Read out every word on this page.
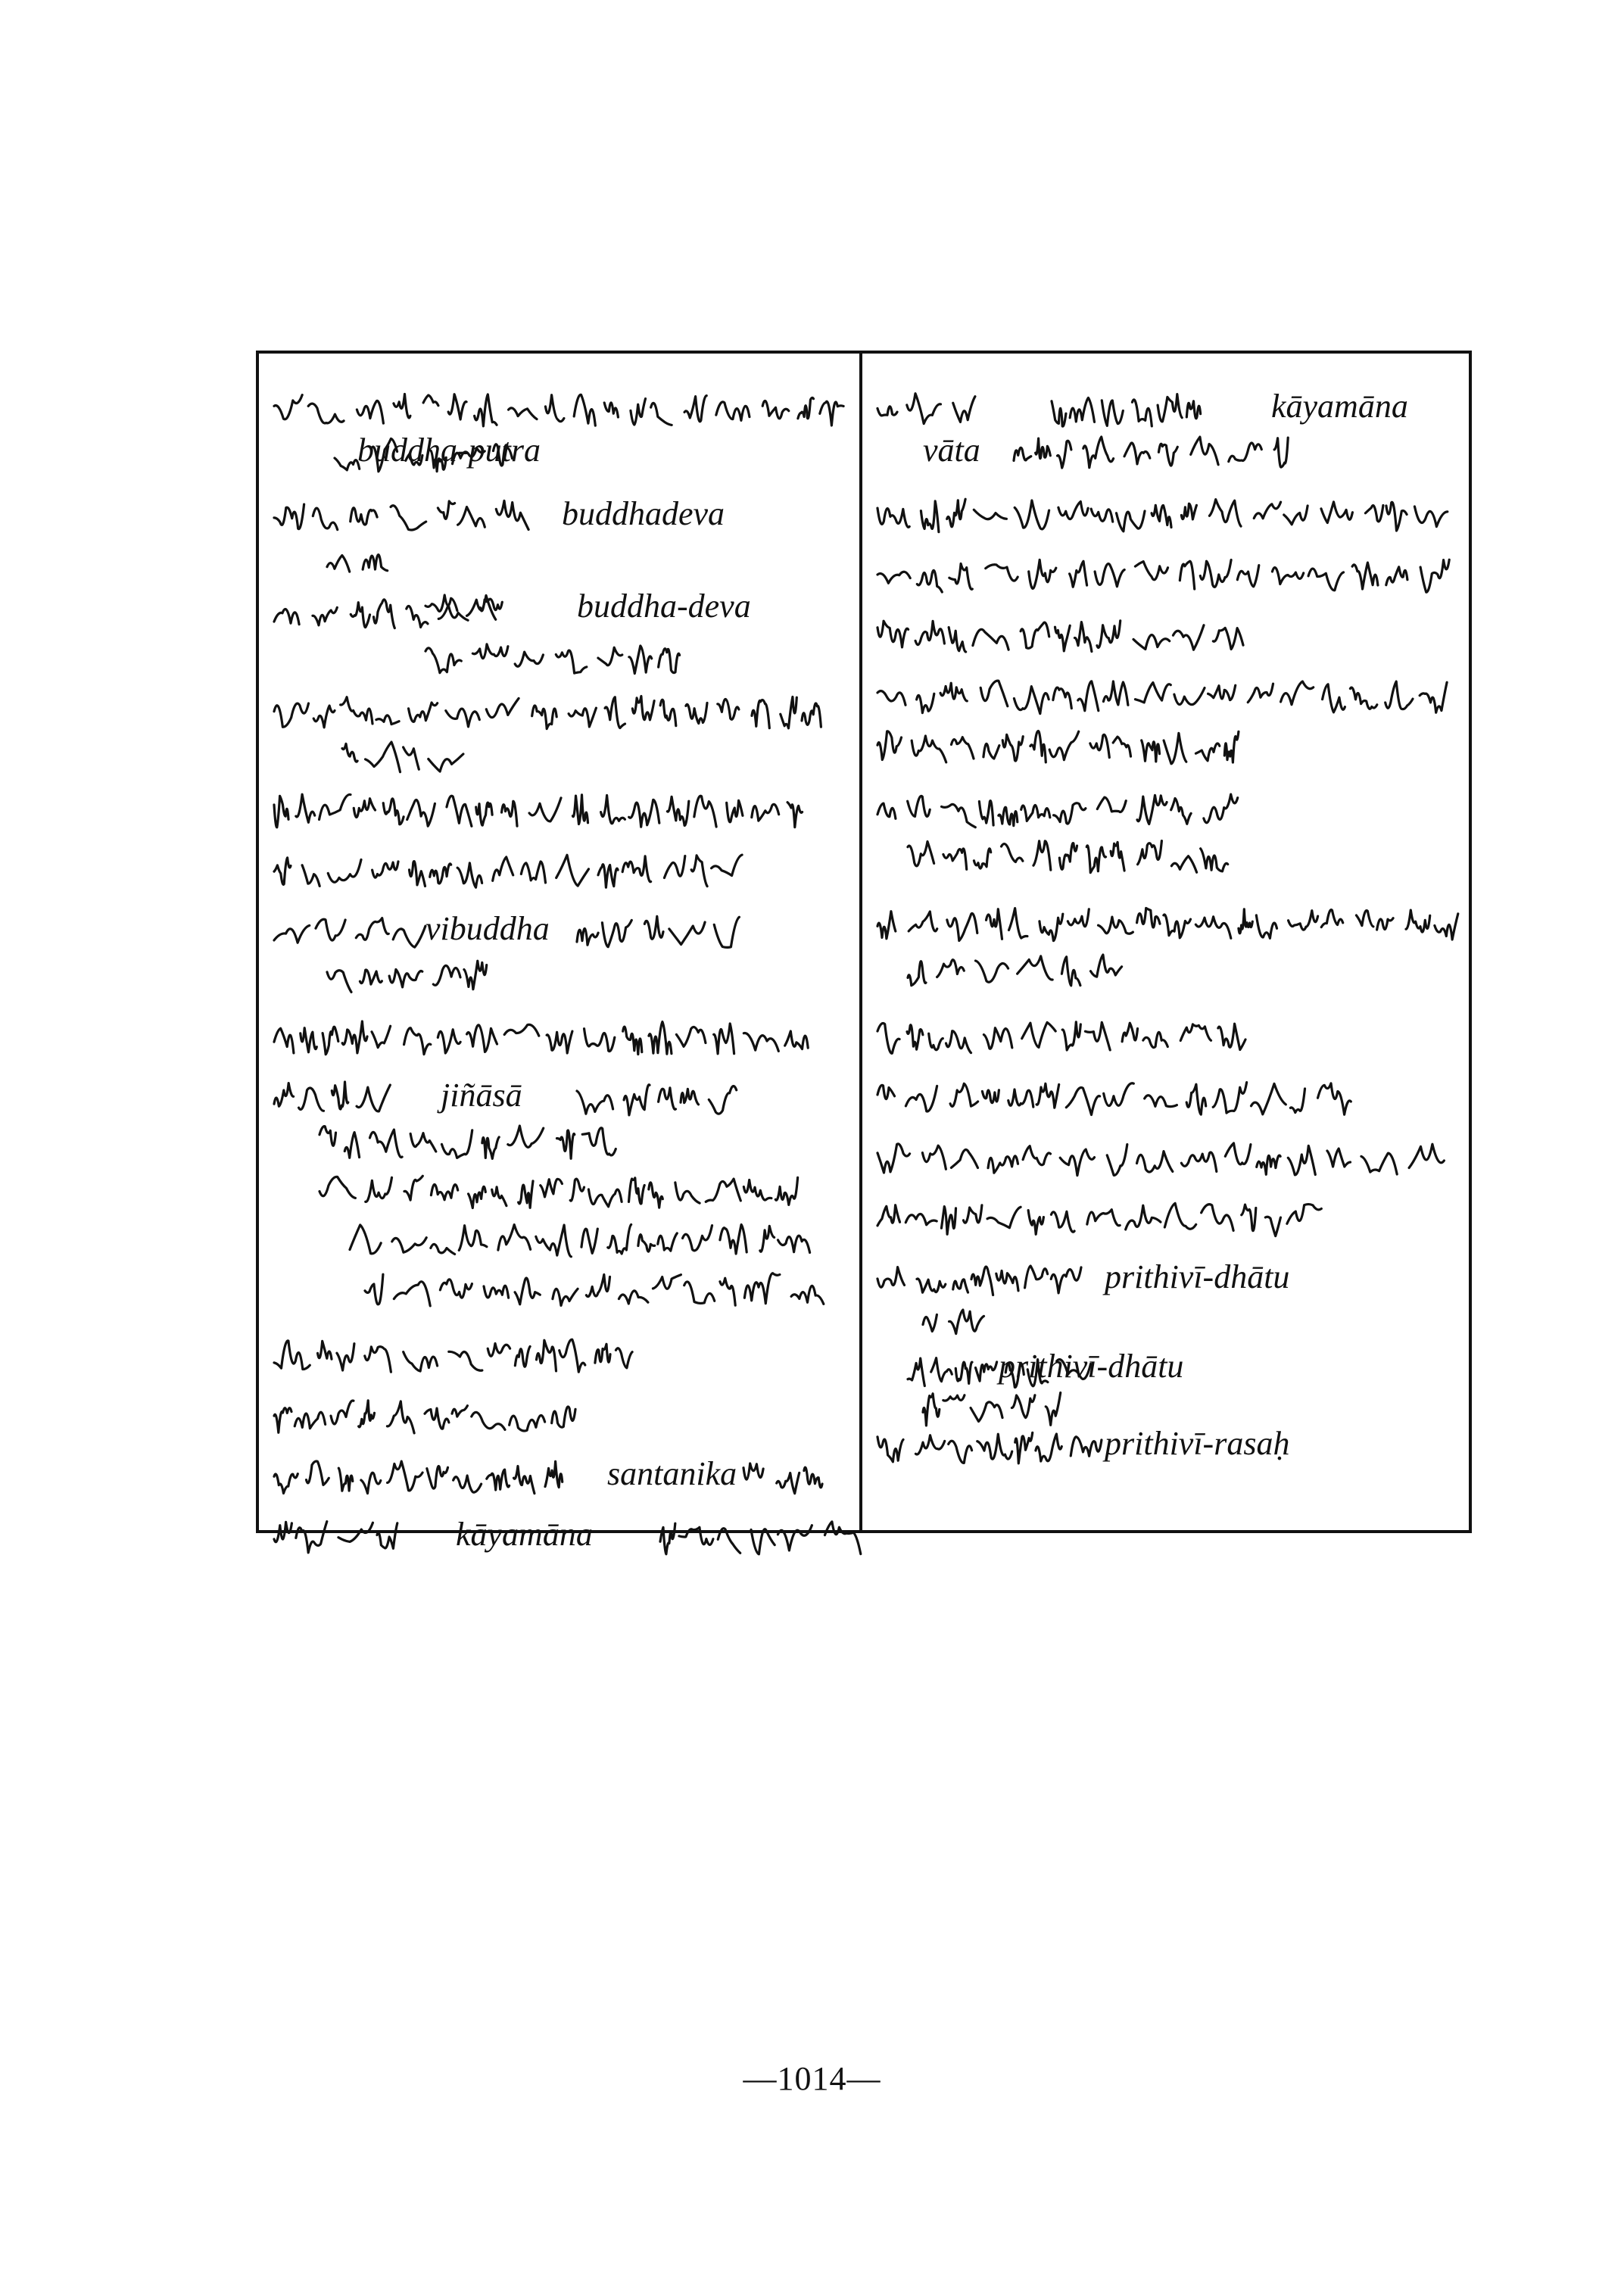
buddha-putra
buddhadeva
buddha-deva
vibuddha
jiñāsā
santanika
kāyamāna
kāyamāna
vāta
prithivī-dhātu
prithivī-dhātu
prithivī-rasaḥ
—1014—
